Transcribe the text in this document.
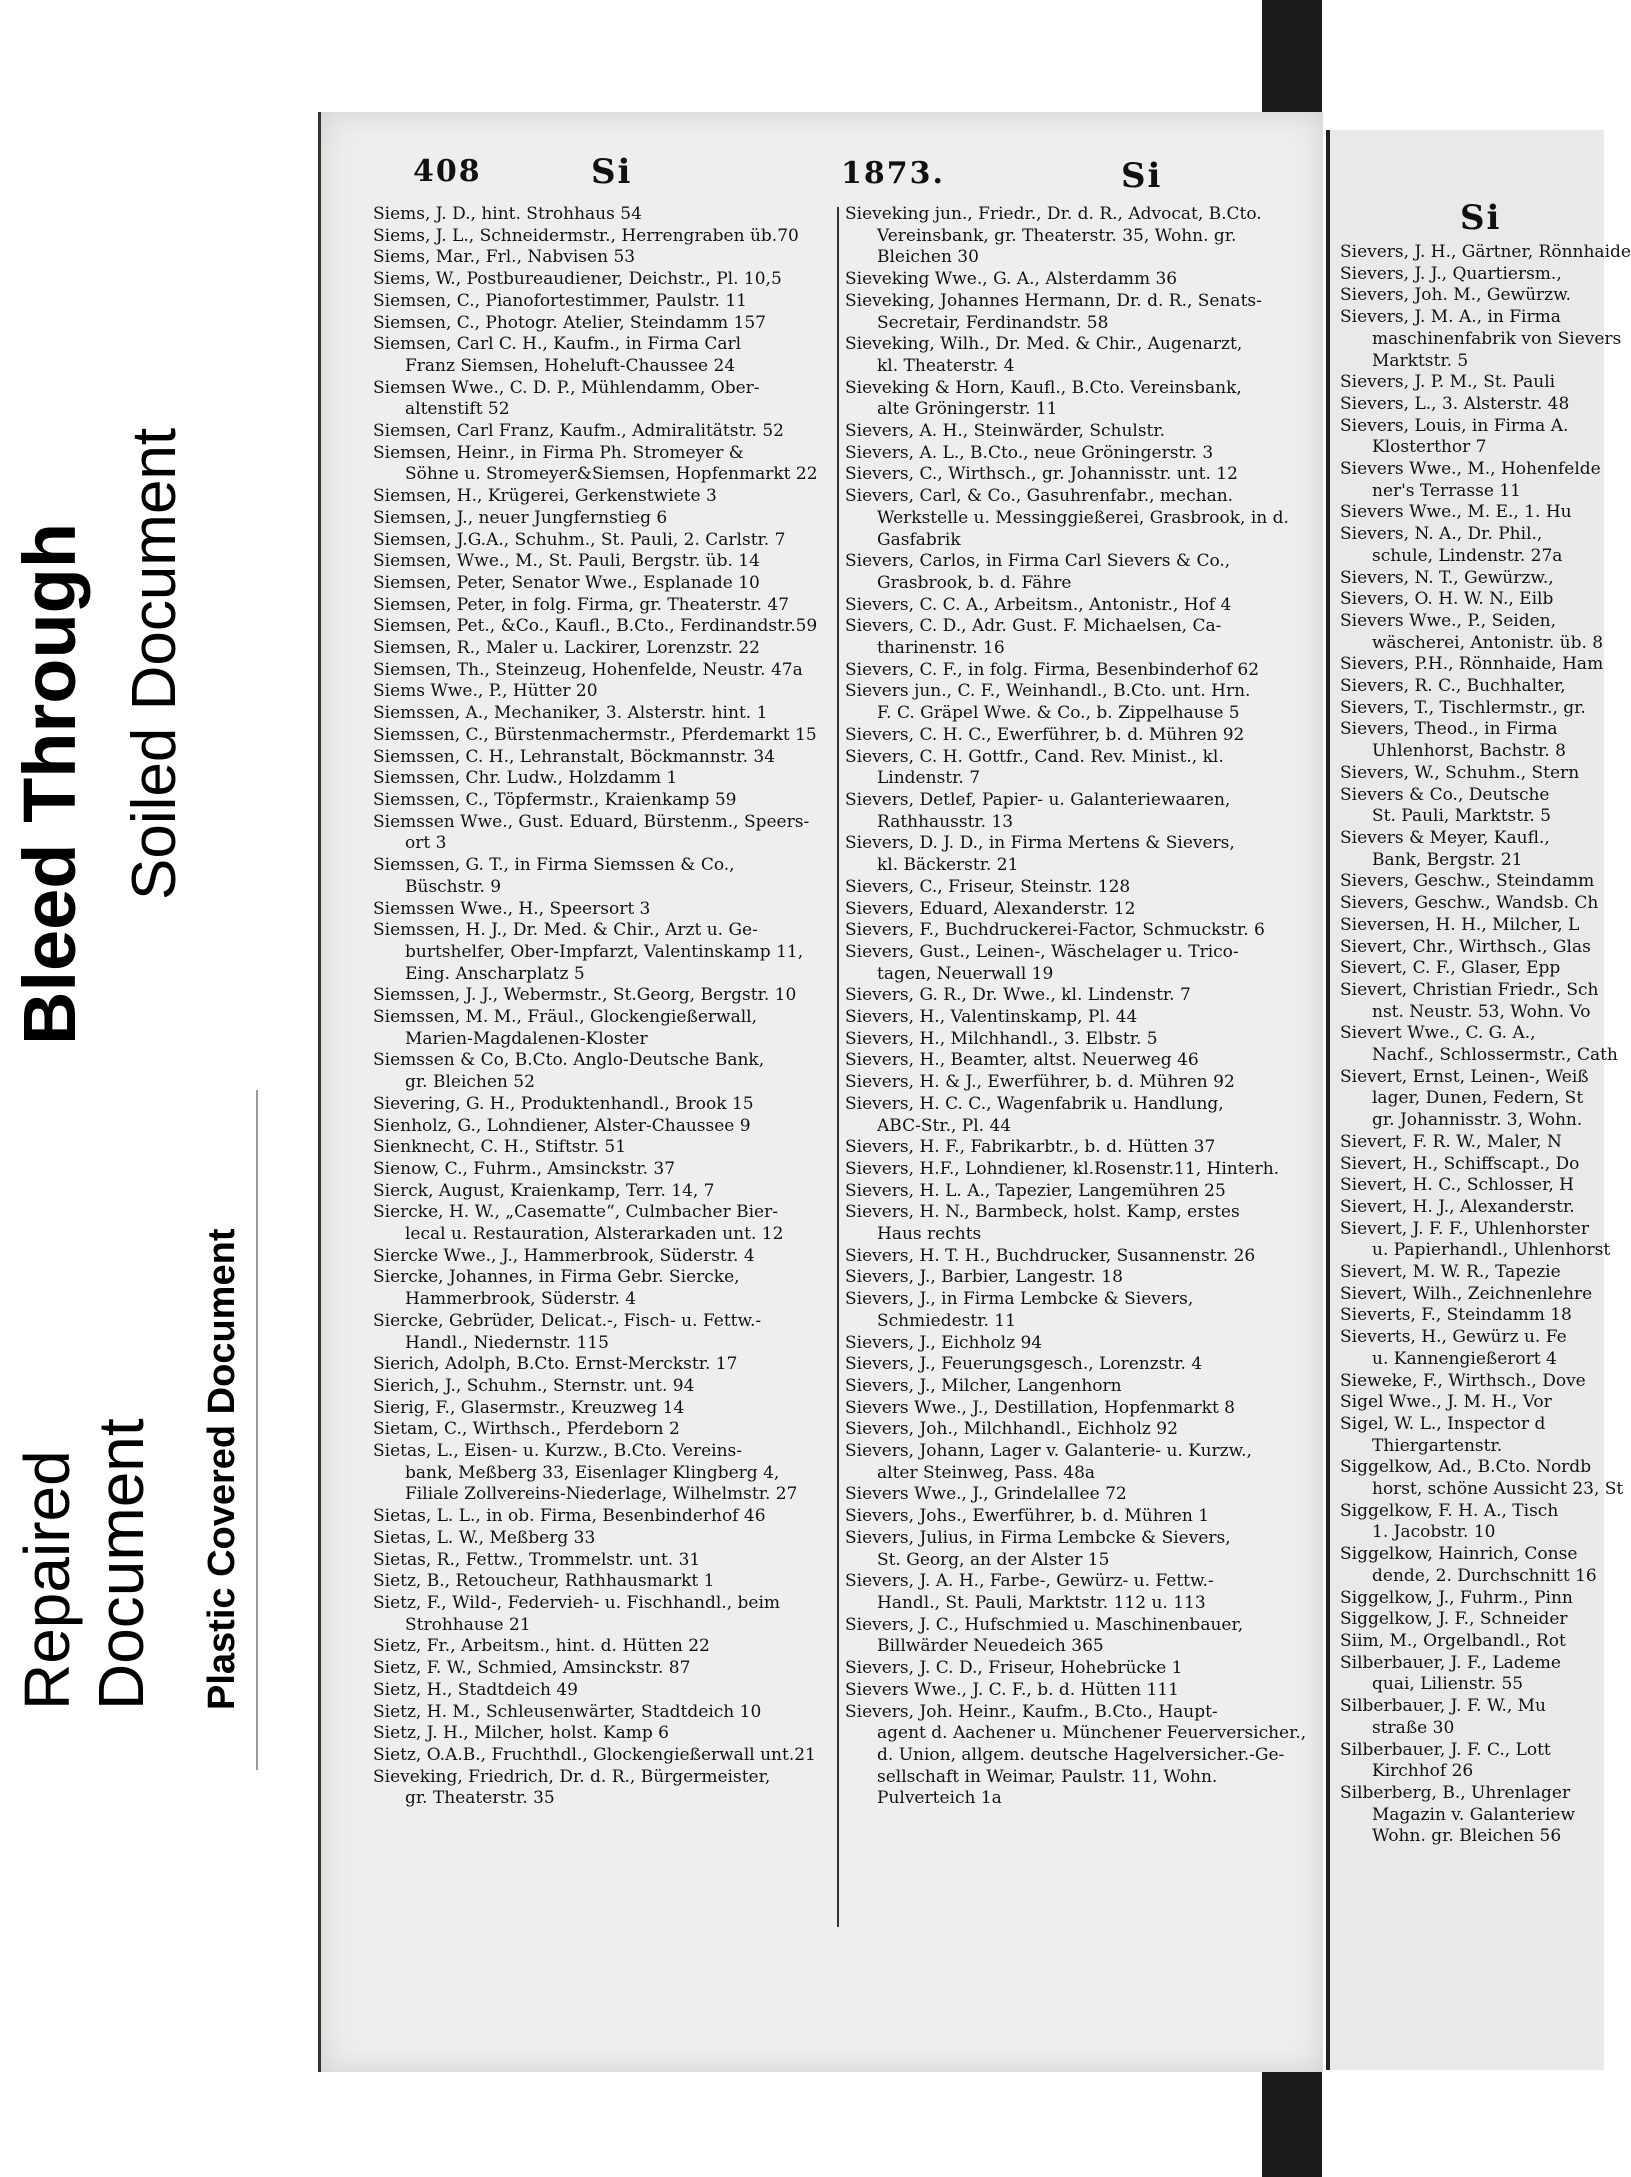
Bleed Through Soiled Document
Repaired Document Plastic Covered Document
408	Si	1873.	Si
Siems, J. D., hint. Strohhaus 54
Siems, J. L., Schneidermstr., Herrengraben üb.70
Siems, Mar., Frl., Nabvisen 53
Siems, W., Postbureaudiener, Deichstr., Pl. 10,5
Siemsen, C., Pianofortestimmer, Paulstr. 11
Siemsen, C., Photogr. Atelier, Steindamm 157
Siemsen, Carl C. H., Kaufm., in Firma Carl
Franz Siemsen, Hoheluft-Chaussee 24
Siemsen Wwe., C. D. P., Mühlendamm, Ober-
altenstift 52
Siemsen, Carl Franz, Kaufm., Admiralitätstr. 52
Siemsen, Heinr., in Firma Ph. Stromeyer &
Söhne u. Stromeyer&Siemsen, Hopfenmarkt 22
Siemsen, H., Krügerei, Gerkenstwiete 3
Siemsen, J., neuer Jungfernstieg 6
Siemsen, J.G.A., Schuhm., St. Pauli, 2. Carlstr. 7
Siemsen, Wwe., M., St. Pauli, Bergstr. üb. 14
Siemsen, Peter, Senator Wwe., Esplanade 10
Siemsen, Peter, in folg. Firma, gr. Theaterstr. 47
Siemsen, Pet., &Co., Kaufl., B.Cto., Ferdinandstr.59
Siemsen, R., Maler u. Lackirer, Lorenzstr. 22
Siemsen, Th., Steinzeug, Hohenfelde, Neustr. 47a
Siems Wwe., P., Hütter 20
Siemssen, A., Mechaniker, 3. Alsterstr. hint. 1
Siemssen, C., Bürstenmachermstr., Pferdemarkt 15
Siemssen, C. H., Lehranstalt, Böckmannstr. 34
Siemssen, Chr. Ludw., Holzdamm 1
Siemssen, C., Töpfermstr., Kraienkamp 59
Siemssen Wwe., Gust. Eduard, Bürstenm., Speers-
ort 3
Siemssen, G. T., in Firma Siemssen & Co.,
Büschstr. 9
Siemssen Wwe., H., Speersort 3
Siemssen, H. J., Dr. Med. & Chir., Arzt u. Ge-
burtshelfer, Ober-Impfarzt, Valentinskamp 11,
Eing. Anscharplatz 5
Siemssen, J. J., Webermstr., St.Georg, Bergstr. 10
Siemssen, M. M., Fräul., Glockengießerwall,
Marien-Magdalenen-Kloster
Siemssen & Co, B.Cto. Anglo-Deutsche Bank,
gr. Bleichen 52
Sievering, G. H., Produktenhandl., Brook 15
Sienholz, G., Lohndiener, Alster-Chaussee 9
Sienknecht, C. H., Stiftstr. 51
Sienow, C., Fuhrm., Amsinckstr. 37
Sierck, August, Kraienkamp, Terr. 14, 7
Siercke, H. W., „Casematte“, Culmbacher Bier-
lecal u. Restauration, Alsterarkaden unt. 12
Siercke Wwe., J., Hammerbrook, Süderstr. 4
Siercke, Johannes, in Firma Gebr. Siercke,
Hammerbrook, Süderstr. 4
Siercke, Gebrüder, Delicat.-, Fisch- u. Fettw.-
Handl., Niedernstr. 115
Sierich, Adolph, B.Cto. Ernst-Merckstr. 17
Sierich, J., Schuhm., Sternstr. unt. 94
Sierig, F., Glasermstr., Kreuzweg 14
Sietam, C., Wirthsch., Pferdeborn 2
Sietas, L., Eisen- u. Kurzw., B.Cto. Vereins-
bank, Meßberg 33, Eisenlager Klingberg 4,
Filiale Zollvereins-Niederlage, Wilhelmstr. 27
Sietas, L. L., in ob. Firma, Besenbinderhof 46
Sietas, L. W., Meßberg 33
Sietas, R., Fettw., Trommelstr. unt. 31
Sietz, B., Retoucheur, Rathhausmarkt 1
Sietz, F., Wild-, Federvieh- u. Fischhandl., beim
Strohhause 21
Sietz, Fr., Arbeitsm., hint. d. Hütten 22
Sietz, F. W., Schmied, Amsinckstr. 87
Sietz, H., Stadtdeich 49
Sietz, H. M., Schleusenwärter, Stadtdeich 10
Sietz, J. H., Milcher, holst. Kamp 6
Sietz, O.A.B., Fruchthdl., Glockengießerwall unt.21
Sieveking, Friedrich, Dr. d. R., Bürgermeister,
gr. Theaterstr. 35
Sieveking jun., Friedr., Dr. d. R., Advocat, B.Cto.
Vereinsbank, gr. Theaterstr. 35, Wohn. gr.
Bleichen 30
Sieveking Wwe., G. A., Alsterdamm 36
Sieveking, Johannes Hermann, Dr. d. R., Senats-
Secretair, Ferdinandstr. 58
Sieveking, Wilh., Dr. Med. & Chir., Augenarzt,
kl. Theaterstr. 4
Sieveking & Horn, Kaufl., B.Cto. Vereinsbank,
alte Gröningerstr. 11
Sievers, A. H., Steinwärder, Schulstr.
Sievers, A. L., B.Cto., neue Gröningerstr. 3
Sievers, C., Wirthsch., gr. Johannisstr. unt. 12
Sievers, Carl, & Co., Gasuhrenfabr., mechan.
Werkstelle u. Messinggießerei, Grasbrook, in d.
Gasfabrik
Sievers, Carlos, in Firma Carl Sievers & Co.,
Grasbrook, b. d. Fähre
Sievers, C. C. A., Arbeitsm., Antonistr., Hof 4
Sievers, C. D., Adr. Gust. F. Michaelsen, Ca-
tharinenstr. 16
Sievers, C. F., in folg. Firma, Besenbinderhof 62
Sievers jun., C. F., Weinhandl., B.Cto. unt. Hrn.
F. C. Gräpel Wwe. & Co., b. Zippelhause 5
Sievers, C. H. C., Ewerführer, b. d. Mühren 92
Sievers, C. H. Gottfr., Cand. Rev. Minist., kl.
Lindenstr. 7
Sievers, Detlef, Papier- u. Galanteriewaaren,
Rathhausstr. 13
Sievers, D. J. D., in Firma Mertens & Sievers,
kl. Bäckerstr. 21
Sievers, C., Friseur, Steinstr. 128
Sievers, Eduard, Alexanderstr. 12
Sievers, F., Buchdruckerei-Factor, Schmuckstr. 6
Sievers, Gust., Leinen-, Wäschelager u. Trico-
tagen, Neuerwall 19
Sievers, G. R., Dr. Wwe., kl. Lindenstr. 7
Sievers, H., Valentinskamp, Pl. 44
Sievers, H., Milchhandl., 3. Elbstr. 5
Sievers, H., Beamter, altst. Neuerweg 46
Sievers, H. & J., Ewerführer, b. d. Mühren 92
Sievers, H. C. C., Wagenfabrik u. Handlung,
ABC-Str., Pl. 44
Sievers, H. F., Fabrikarbtr., b. d. Hütten 37
Sievers, H.F., Lohndiener, kl.Rosenstr.11, Hinterh.
Sievers, H. L. A., Tapezier, Langemühren 25
Sievers, H. N., Barmbeck, holst. Kamp, erstes
Haus rechts
Sievers, H. T. H., Buchdrucker, Susannenstr. 26
Sievers, J., Barbier, Langestr. 18
Sievers, J., in Firma Lembcke & Sievers,
Schmiedestr. 11
Sievers, J., Eichholz 94
Sievers, J., Feuerungsgesch., Lorenzstr. 4
Sievers, J., Milcher, Langenhorn
Sievers Wwe., J., Destillation, Hopfenmarkt 8
Sievers, Joh., Milchhandl., Eichholz 92
Sievers, Johann, Lager v. Galanterie- u. Kurzw.,
alter Steinweg, Pass. 48a
Sievers Wwe., J., Grindelallee 72
Sievers, Johs., Ewerführer, b. d. Mühren 1
Sievers, Julius, in Firma Lembcke & Sievers,
St. Georg, an der Alster 15
Sievers, J. A. H., Farbe-, Gewürz- u. Fettw.-
Handl., St. Pauli, Marktstr. 112 u. 113
Sievers, J. C., Hufschmied u. Maschinenbauer,
Billwärder Neuedeich 365
Sievers, J. C. D., Friseur, Hohebrücke 1
Sievers Wwe., J. C. F., b. d. Hütten 111
Sievers, Joh. Heinr., Kaufm., B.Cto., Haupt-
agent d. Aachener u. Münchener Feuerversicher.,
d. Union, allgem. deutsche Hagelversicher.-Ge-
sellschaft in Weimar, Paulstr. 11, Wohn.
Pulverteich 1a
Si
Sievers, J. H., Gärtner, Rönnhaide
Sievers, J. J., Quartiersm.,
Sievers, Joh. M., Gewürzw.
Sievers, J. M. A., in Firma
maschinenfabrik von Sievers
Marktstr. 5
Sievers, J. P. M., St. Pauli
Sievers, L., 3. Alsterstr. 48
Sievers, Louis, in Firma A.
Klosterthor 7
Sievers Wwe., M., Hohenfelde
ner's Terrasse 11
Sievers Wwe., M. E., 1. Hu
Sievers, N. A., Dr. Phil.,
schule, Lindenstr. 27a
Sievers, N. T., Gewürzw.,
Sievers, O. H. W. N., Eilb
Sievers Wwe., P., Seiden,
wäscherei, Antonistr. üb. 8
Sievers, P.H., Rönnhaide, Ham
Sievers, R. C., Buchhalter,
Sievers, T., Tischlermstr., gr.
Sievers, Theod., in Firma
Uhlenhorst, Bachstr. 8
Sievers, W., Schuhm., Stern
Sievers & Co., Deutsche
St. Pauli, Marktstr. 5
Sievers & Meyer, Kaufl.,
Bank, Bergstr. 21
Sievers, Geschw., Steindamm
Sievers, Geschw., Wandsb. Ch
Sieversen, H. H., Milcher, L
Sievert, Chr., Wirthsch., Glas
Sievert, C. F., Glaser, Epp
Sievert, Christian Friedr., Sch
nst. Neustr. 53, Wohn. Vo
Sievert Wwe., C. G. A.,
Nachf., Schlossermstr., Cath
Sievert, Ernst, Leinen-, Weiß
lager, Dunen, Federn, St
gr. Johannisstr. 3, Wohn.
Sievert, F. R. W., Maler, N
Sievert, H., Schiffscapt., Do
Sievert, H. C., Schlosser, H
Sievert, H. J., Alexanderstr.
Sievert, J. F. F., Uhlenhorster
u. Papierhandl., Uhlenhorst
Sievert, M. W. R., Tapezie
Sievert, Wilh., Zeichnenlehre
Sieverts, F., Steindamm 18
Sieverts, H., Gewürz u. Fe
u. Kannengießerort 4
Sieweke, F., Wirthsch., Dove
Sigel Wwe., J. M. H., Vor
Sigel, W. L., Inspector d
Thiergartenstr.
Siggelkow, Ad., B.Cto. Nordb
horst, schöne Aussicht 23, St
Siggelkow, F. H. A., Tisch
1. Jacobstr. 10
Siggelkow, Hainrich, Conse
dende, 2. Durchschnitt 16
Siggelkow, J., Fuhrm., Pinn
Siggelkow, J. F., Schneider
Siim, M., Orgelbandl., Rot
Silberbauer, J. F., Lademe
quai, Lilienstr. 55
Silberbauer, J. F. W., Mu
straße 30
Silberbauer, J. F. C., Lott
Kirchhof 26
Silberberg, B., Uhrenlager
Magazin v. Galanteriew
Wohn. gr. Bleichen 56
